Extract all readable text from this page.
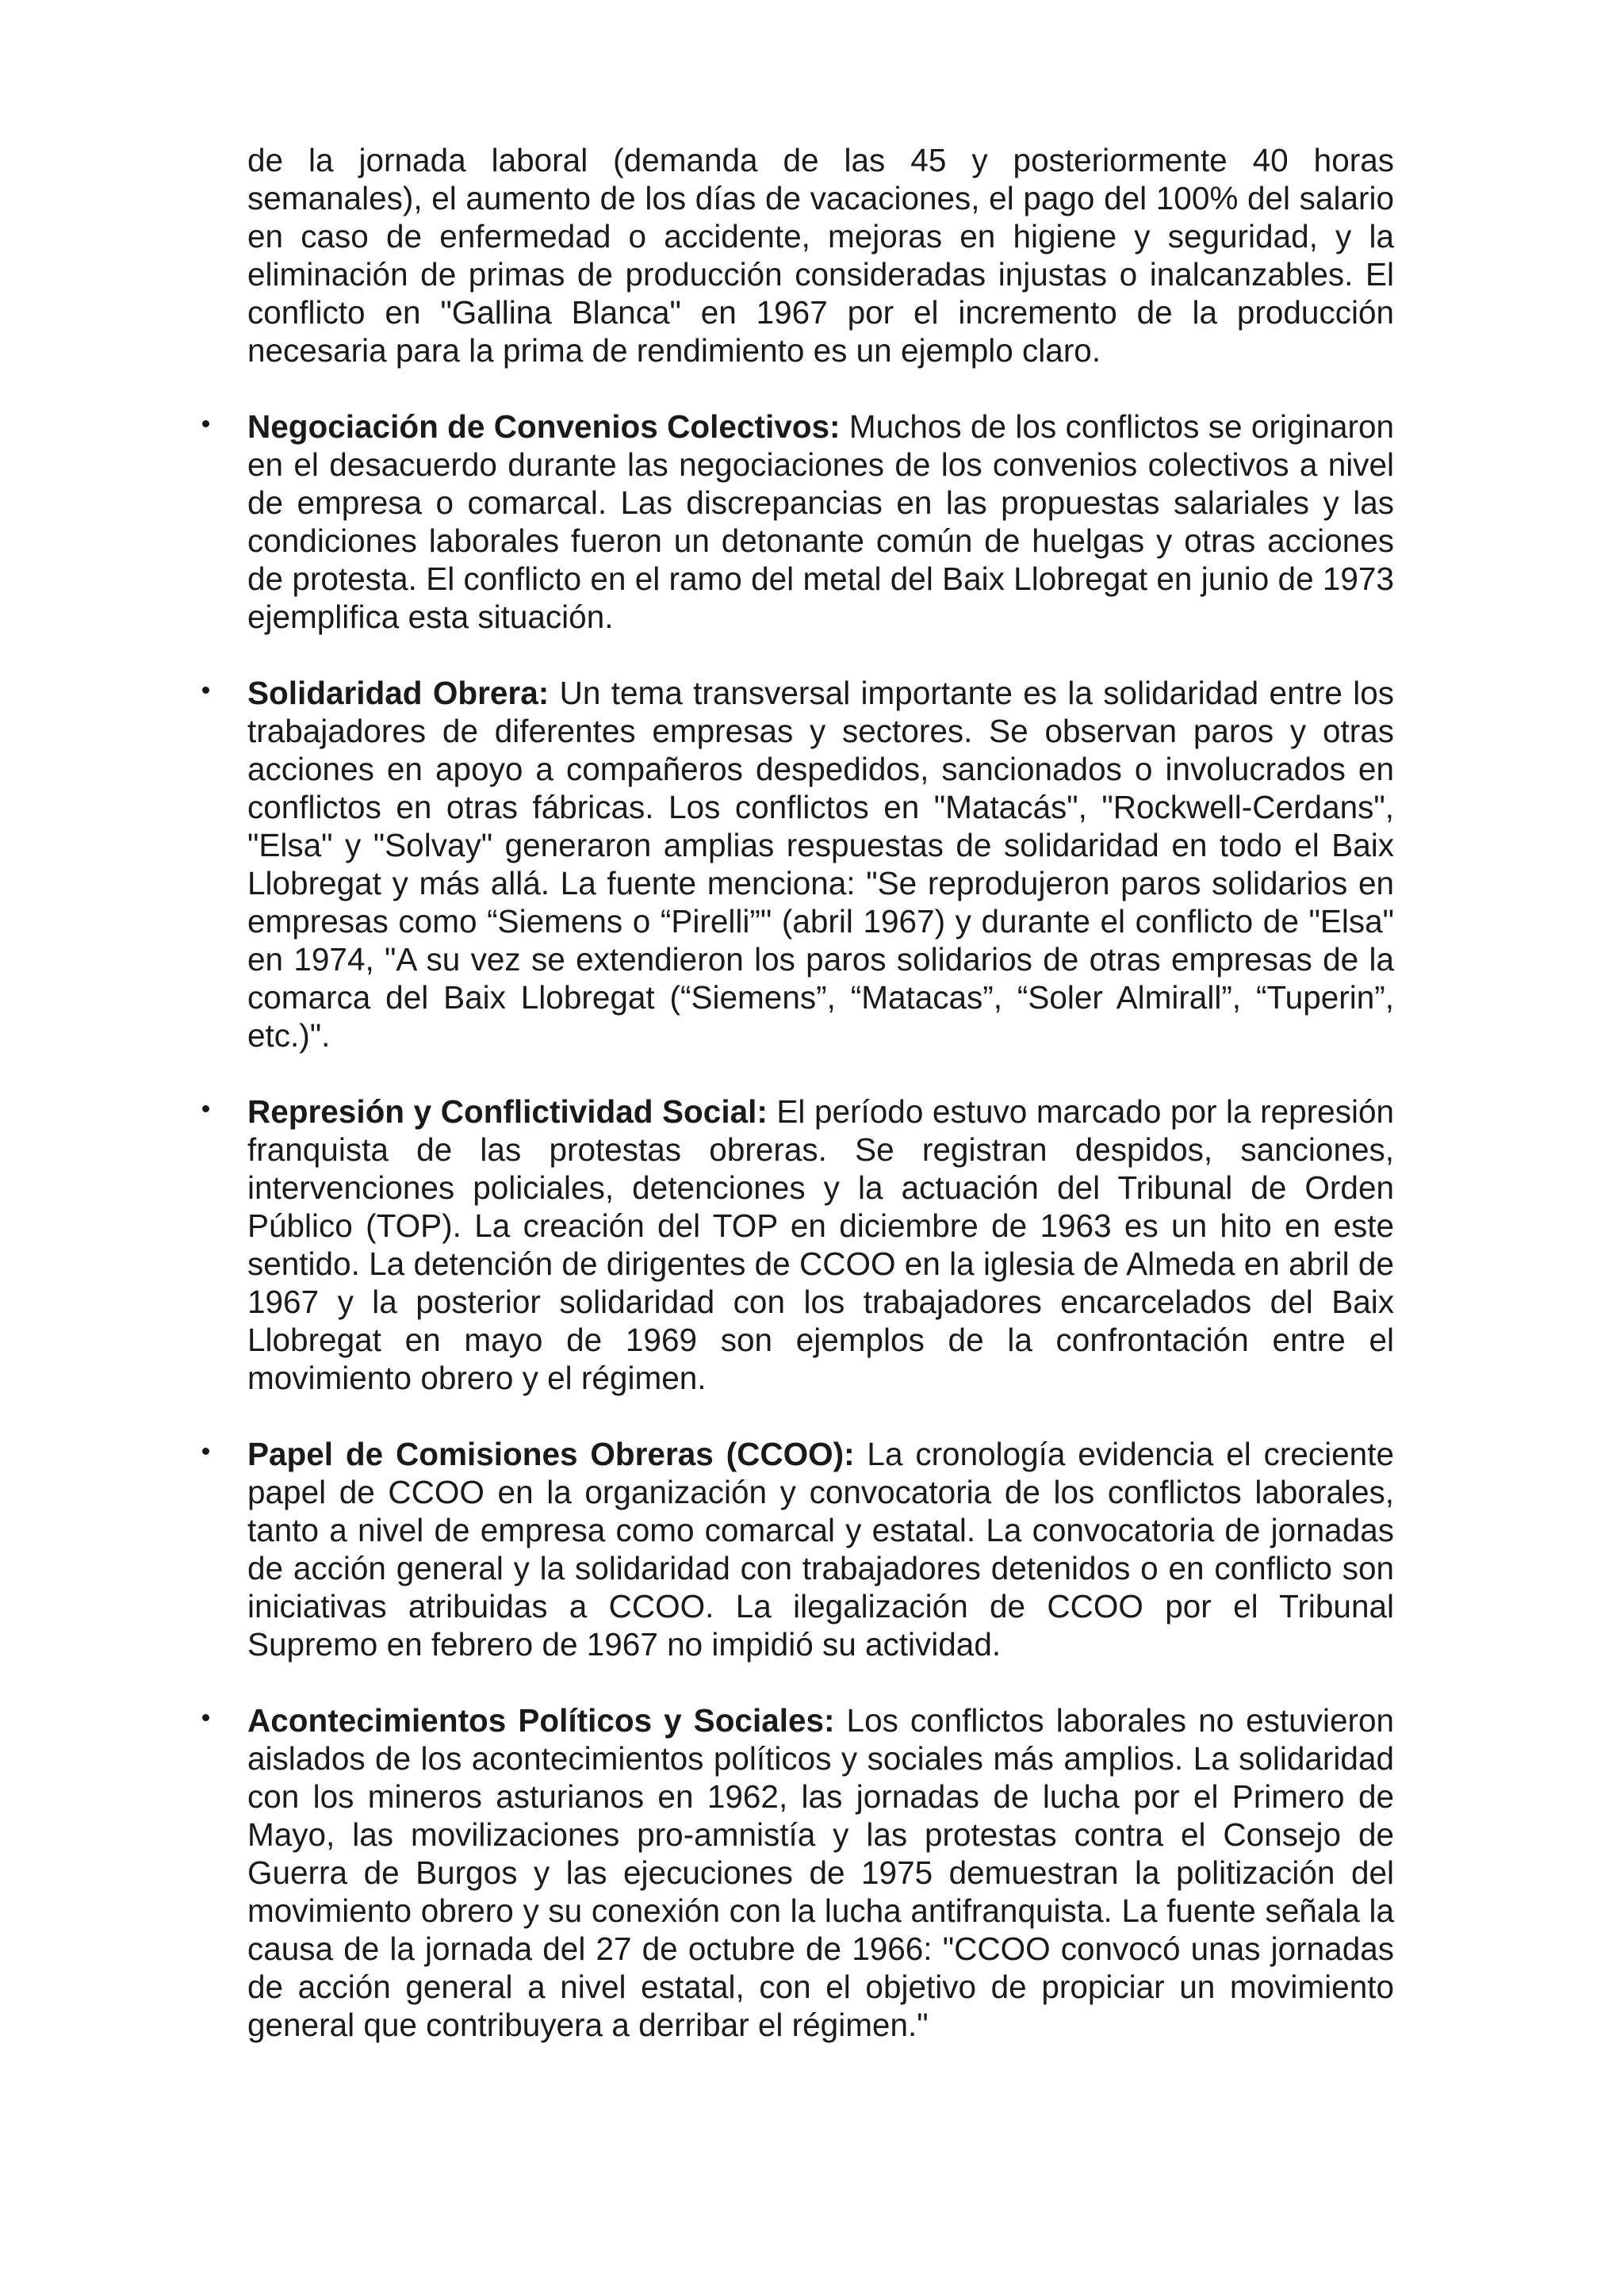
de la jornada laboral (demanda de las 45 y posteriormente 40 horas semanales), el aumento de los días de vacaciones, el pago del 100% del salario en caso de enfermedad o accidente, mejoras en higiene y seguridad, y la eliminación de primas de producción consideradas injustas o inalcanzables. El conflicto en "Gallina Blanca" en 1967 por el incremento de la producción necesaria para la prima de rendimiento es un ejemplo claro.

Negociación de Convenios Colectivos: Muchos de los conflictos se originaron en el desacuerdo durante las negociaciones de los convenios colectivos a nivel de empresa o comarcal. Las discrepancias en las propuestas salariales y las condiciones laborales fueron un detonante común de huelgas y otras acciones de protesta. El conflicto en el ramo del metal del Baix Llobregat en junio de 1973 ejemplifica esta situación.

Solidaridad Obrera: Un tema transversal importante es la solidaridad entre los trabajadores de diferentes empresas y sectores. Se observan paros y otras acciones en apoyo a compañeros despedidos, sancionados o involucrados en conflictos en otras fábricas. Los conflictos en "Matacás", "Rockwell-Cerdans", "Elsa" y "Solvay" generaron amplias respuestas de solidaridad en todo el Baix Llobregat y más allá. La fuente menciona: "Se reprodujeron paros solidarios en empresas como “Siemens o “Pirelli”" (abril 1967) y durante el conflicto de "Elsa" en 1974, "A su vez se extendieron los paros solidarios de otras empresas de la comarca del Baix Llobregat (“Siemens”, “Matacas”, “Soler Almirall”, “Tuperin”, etc.)".

Represión y Conflictividad Social: El período estuvo marcado por la represión franquista de las protestas obreras. Se registran despidos, sanciones, intervenciones policiales, detenciones y la actuación del Tribunal de Orden Público (TOP). La creación del TOP en diciembre de 1963 es un hito en este sentido. La detención de dirigentes de CCOO en la iglesia de Almeda en abril de 1967 y la posterior solidaridad con los trabajadores encarcelados del Baix Llobregat en mayo de 1969 son ejemplos de la confrontación entre el movimiento obrero y el régimen.

Papel de Comisiones Obreras (CCOO): La cronología evidencia el creciente papel de CCOO en la organización y convocatoria de los conflictos laborales, tanto a nivel de empresa como comarcal y estatal. La convocatoria de jornadas de acción general y la solidaridad con trabajadores detenidos o en conflicto son iniciativas atribuidas a CCOO. La ilegalización de CCOO por el Tribunal Supremo en febrero de 1967 no impidió su actividad.

Acontecimientos Políticos y Sociales: Los conflictos laborales no estuvieron aislados de los acontecimientos políticos y sociales más amplios. La solidaridad con los mineros asturianos en 1962, las jornadas de lucha por el Primero de Mayo, las movilizaciones pro-amnistía y las protestas contra el Consejo de Guerra de Burgos y las ejecuciones de 1975 demuestran la politización del movimiento obrero y su conexión con la lucha antifranquista. La fuente señala la causa de la jornada del 27 de octubre de 1966: "CCOO convocó unas jornadas de acción general a nivel estatal, con el objetivo de propiciar un movimiento general que contribuyera a derribar el régimen."
